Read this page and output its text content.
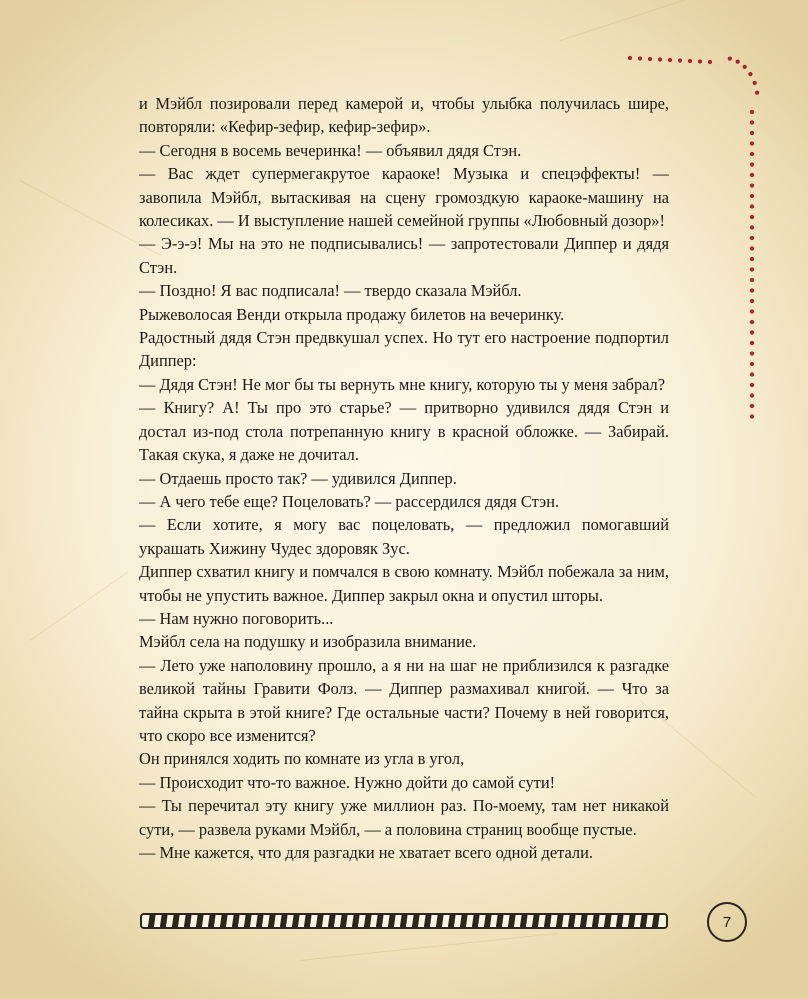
и Мэйбл позировали перед камерой и, чтобы улыбка получилась шире, повторяли: «Кефир-зефир, кефир-зефир».

— Сегодня в восемь вечеринка! — объявил дядя Стэн.

— Вас ждет супермегакрутое караоке! Музыка и спецэффекты! — завопила Мэйбл, вытаскивая на сцену громоздкую караоке-машину на колесиках. — И выступление нашей семейной группы «Любовный дозор»!

— Э-э-э! Мы на это не подписывались! — запротестовали Диппер и дядя Стэн.

— Поздно! Я вас подписала! — твердо сказала Мэйбл.

Рыжеволосая Венди открыла продажу билетов на вечеринку.

Радостный дядя Стэн предвкушал успех. Но тут его настроение подпортил Диппер:

— Дядя Стэн! Не мог бы ты вернуть мне книгу, которую ты у меня забрал?

— Книгу? А! Ты про это старье? — притворно удивился дядя Стэн и достал из-под стола потрепанную книгу в красной обложке. — Забирай. Такая скука, я даже не дочитал.

— Отдаешь просто так? — удивился Диппер.

— А чего тебе еще? Поцеловать? — рассердился дядя Стэн.

— Если хотите, я могу вас поцеловать, — предложил помогавший украшать Хижину Чудес здоровяк Зус.

Диппер схватил книгу и помчался в свою комнату. Мэйбл побежала за ним, чтобы не упустить важное. Диппер закрыл окна и опустил шторы.

— Нам нужно поговорить...

Мэйбл села на подушку и изобразила внимание.

— Лето уже наполовину прошло, а я ни на шаг не приблизился к разгадке великой тайны Гравити Фолз. — Диппер размахивал книгой. — Что за тайна скрыта в этой книге? Где остальные части? Почему в ней говорится, что скоро все изменится?

Он принялся ходить по комнате из угла в угол,

— Происходит что-то важное. Нужно дойти до самой сути!

— Ты перечитал эту книгу уже миллион раз. По-моему, там нет никакой сути, — развела руками Мэйбл, — а половина страниц вообще пустые.

— Мне кажется, что для разгадки не хватает всего одной детали.

7
